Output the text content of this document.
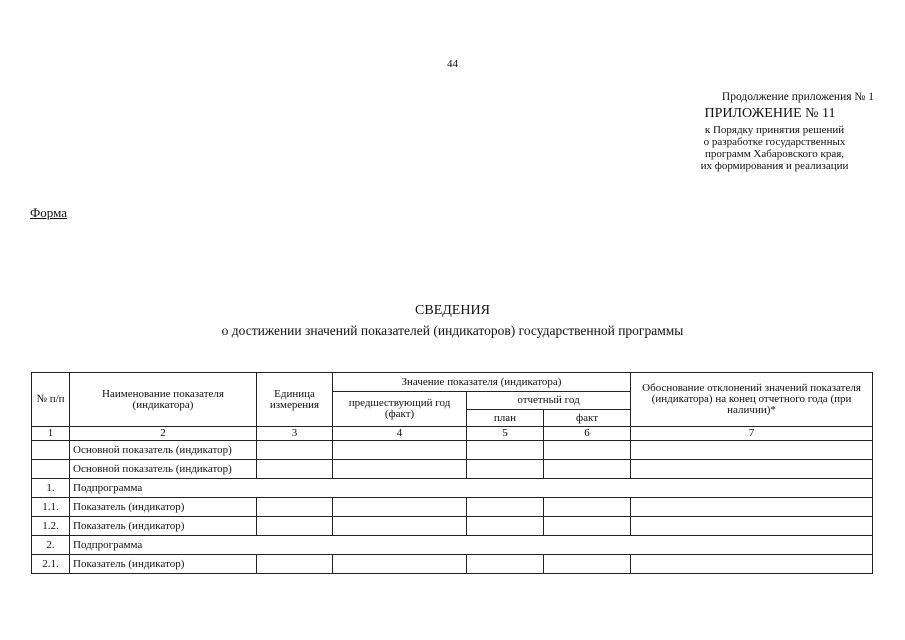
44
Продолжение приложения № 1
ПРИЛОЖЕНИЕ № 11
к Порядку принятия решений
о разработке государственных
программ Хабаровского края,
их формирования и реализации
Форма
СВЕДЕНИЯ
о достижении значений показателей (индикаторов) государственной программы
№ п/п	Наименование показателя (индикатора)	Единица измерения	Значение показателя (индикатора)			Обоснование отклонений значений показателя (индикатора) на конец отчетного года (при наличии)*
			предшествующий год (факт)	отчетный год		
				план	факт	
1	2	3	4	5	6	7
	Основной показатель (индикатор)					
	Основной показатель (индикатор)					
1.	Подпрограмма					
1.1.	Показатель (индикатор)					
1.2.	Показатель (индикатор)					
2.	Подпрограмма					
2.1.	Показатель (индикатор)					
